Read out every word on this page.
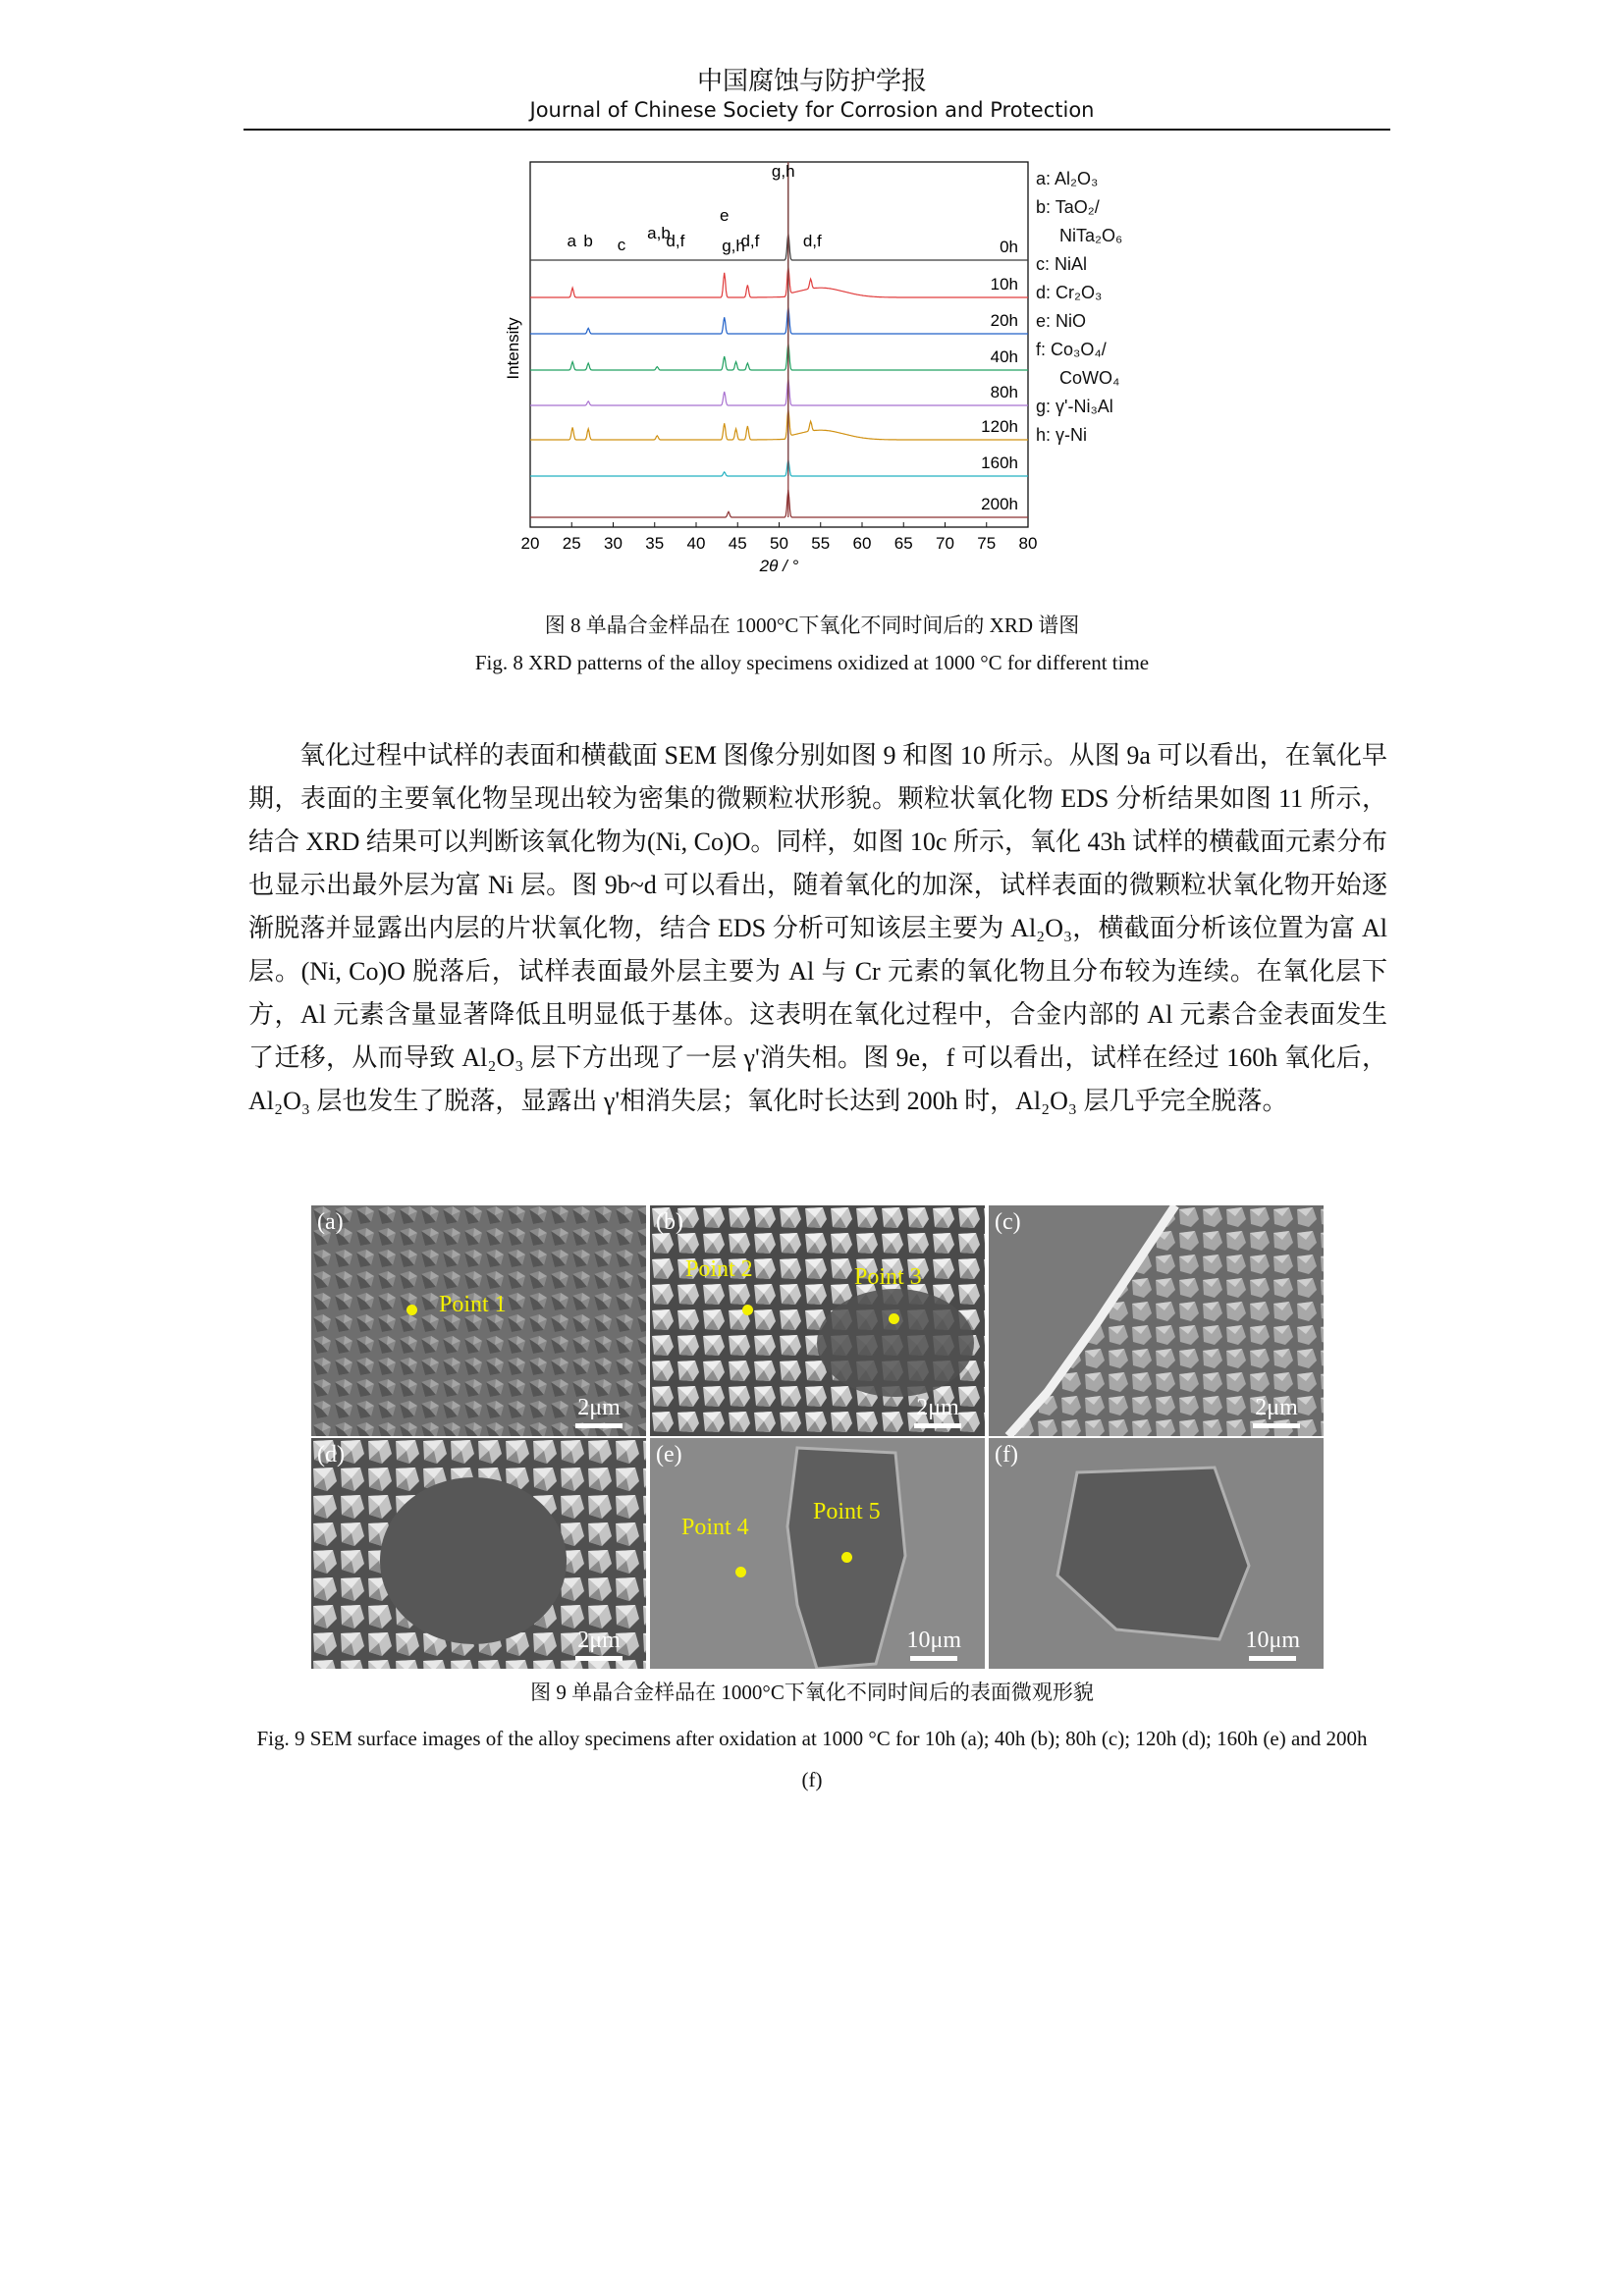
中国腐蚀与防护学报
Journal of Chinese Society for Corrosion and Protection
20 25 30 35 40 45 50 55 60 65 70 75 80
2θ / °
Intensity
0h
10h
20h
40h
80h
120h
160h
200h
a b c
a,b
d,f
e
g,h
d,f
g,h
d,f
a: Al₂O₃
b: TaO₂/
NiTa₂O₆
c: NiAl
d: Cr₂O₃
e: NiO
f: Co₃O₄/
CoWO₄
g: γ'-Ni₃Al
h: γ-Ni
图 8 单晶合金样品在 1000°C下氧化不同时间后的 XRD 谱图
Fig. 8 XRD patterns of the alloy specimens oxidized at 1000 °C for different time
氧化过程中试样的表面和横截面 SEM 图像分别如图 9 和图 10 所示。从图 9a 可以看出，在氧化早期，表面的主要氧化物呈现出较为密集的微颗粒状形貌。颗粒状氧化物 EDS 分析结果如图 11 所示，结合 XRD 结果可以判断该氧化物为(Ni, Co)O。同样，如图 10c 所示，氧化 43h 试样的横截面元素分布也显示出最外层为富 Ni 层。图 9b~d 可以看出，随着氧化的加深，试样表面的微颗粒状氧化物开始逐渐脱落并显露出内层的片状氧化物，结合 EDS 分析可知该层主要为 Al₂O₃，横截面分析该位置为富 Al 层。(Ni, Co)O 脱落后，试样表面最外层主要为 Al 与 Cr 元素的氧化物且分布较为连续。在氧化层下方，Al 元素含量显著降低且明显低于基体。这表明在氧化过程中，合金内部的 Al 元素合金表面发生了迁移，从而导致 Al₂O₃ 层下方出现了一层 γ'消失相。图 9e，f 可以看出，试样在经过 160h 氧化后，Al₂O₃ 层也发生了脱落，显露出 γ'相消失层；氧化时长达到 200h 时，Al₂O₃ 层几乎完全脱落。
(a)
Point 1
2μm
(b)
Point 2	Point 3
2μm
(c)
2μm
(d)
2μm
(e)
Point 4
Point 5
10μm
(f)
10μm
图 9 单晶合金样品在 1000°C下氧化不同时间后的表面微观形貌
Fig. 9 SEM surface images of the alloy specimens after oxidation at 1000 °C for 10h (a); 40h (b); 80h (c); 120h (d); 160h (e) and 200h (f)
